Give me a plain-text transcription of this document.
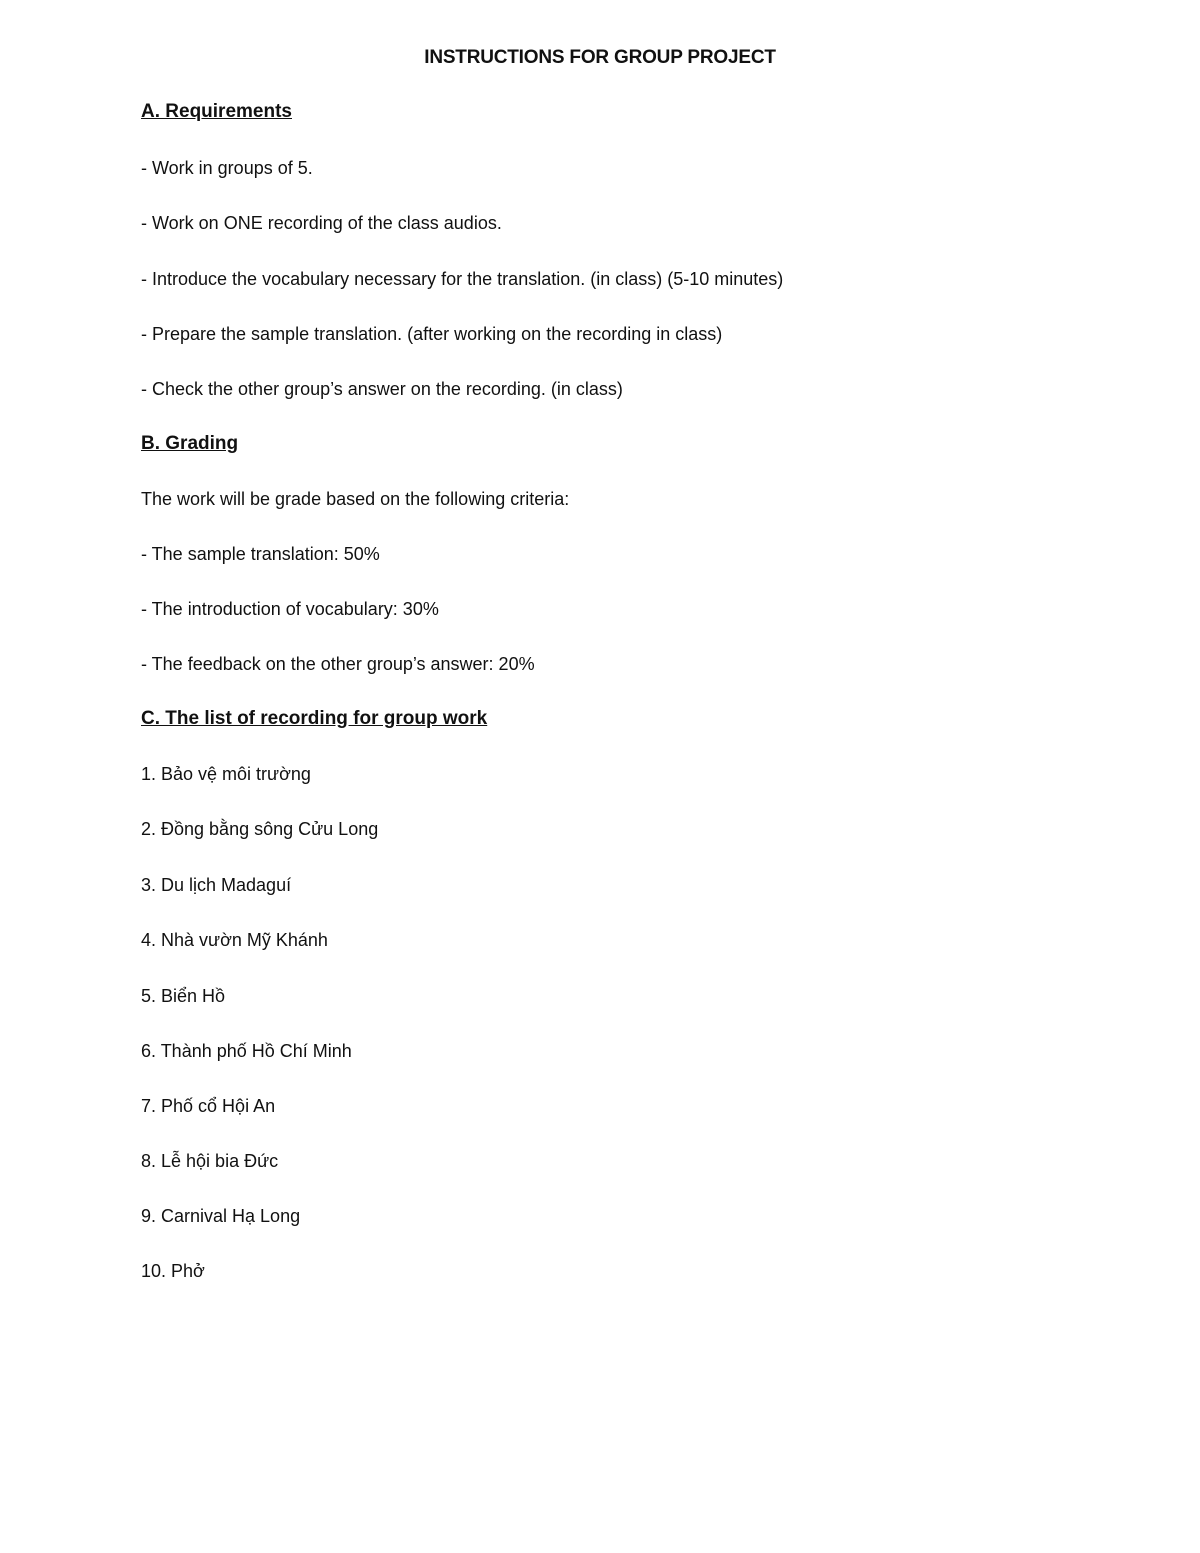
INSTRUCTIONS FOR GROUP PROJECT
A. Requirements
- Work in groups of 5.
- Work on ONE recording of the class audios.
- Introduce the vocabulary necessary for the translation. (in class) (5-10 minutes)
- Prepare the sample translation. (after working on the recording in class)
- Check the other group’s answer on the recording. (in class)
B. Grading
The work will be grade based on the following criteria:
- The sample translation: 50%
- The introduction of vocabulary: 30%
- The feedback on the other group’s answer: 20%
C. The list of recording for group work
1. Bảo vệ môi trường
2. Đồng bằng sông Cửu Long
3. Du lịch Madaguí
4. Nhà vườn Mỹ Khánh
5. Biển Hồ
6. Thành phố Hồ Chí Minh
7. Phố cổ Hội An
8. Lễ hội bia Đức
9. Carnival Hạ Long
10. Phở
